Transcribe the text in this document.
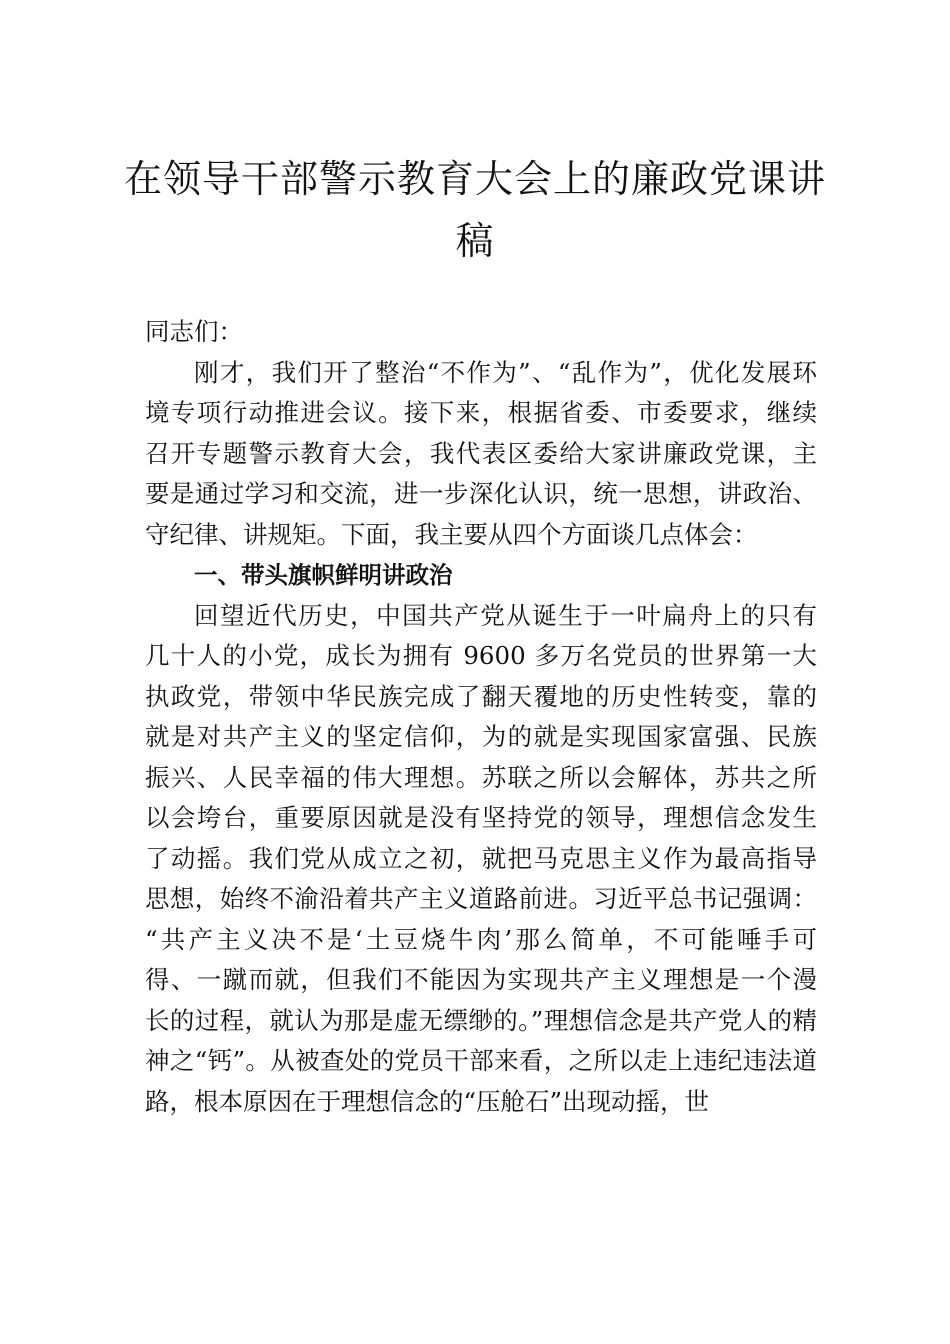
在领导干部警示教育大会上的廉政党课讲
稿
同志们：
刚才，我们开了整治“不作为”、“乱作为”，优化发展环
境专项行动推进会议。接下来，根据省委、市委要求，继续
召开专题警示教育大会，我代表区委给大家讲廉政党课，主
要是通过学习和交流，进一步深化认识，统一思想，讲政治、
守纪律、讲规矩。下面，我主要从四个方面谈几点体会：
一、带头旗帜鲜明讲政治
回望近代历史，中国共产党从诞生于一叶扁舟上的只有
几十人的小党，成长为拥有 9600 多万名党员的世界第一大
执政党，带领中华民族完成了翻天覆地的历史性转变，靠的
就是对共产主义的坚定信仰，为的就是实现国家富强、民族
振兴、人民幸福的伟大理想。苏联之所以会解体，苏共之所
以会垮台，重要原因就是没有坚持党的领导，理想信念发生
了动摇。我们党从成立之初，就把马克思主义作为最高指导
思想，始终不渝沿着共产主义道路前进。习近平总书记强调：
“共产主义决不是‘土豆烧牛肉’那么简单，不可能唾手可
得、一蹴而就，但我们不能因为实现共产主义理想是一个漫
长的过程，就认为那是虚无缥缈的。”理想信念是共产党人的精
神之“钙”。从被查处的党员干部来看，之所以走上违纪违法道
路，根本原因在于理想信念的“压舱石”出现动摇，世
